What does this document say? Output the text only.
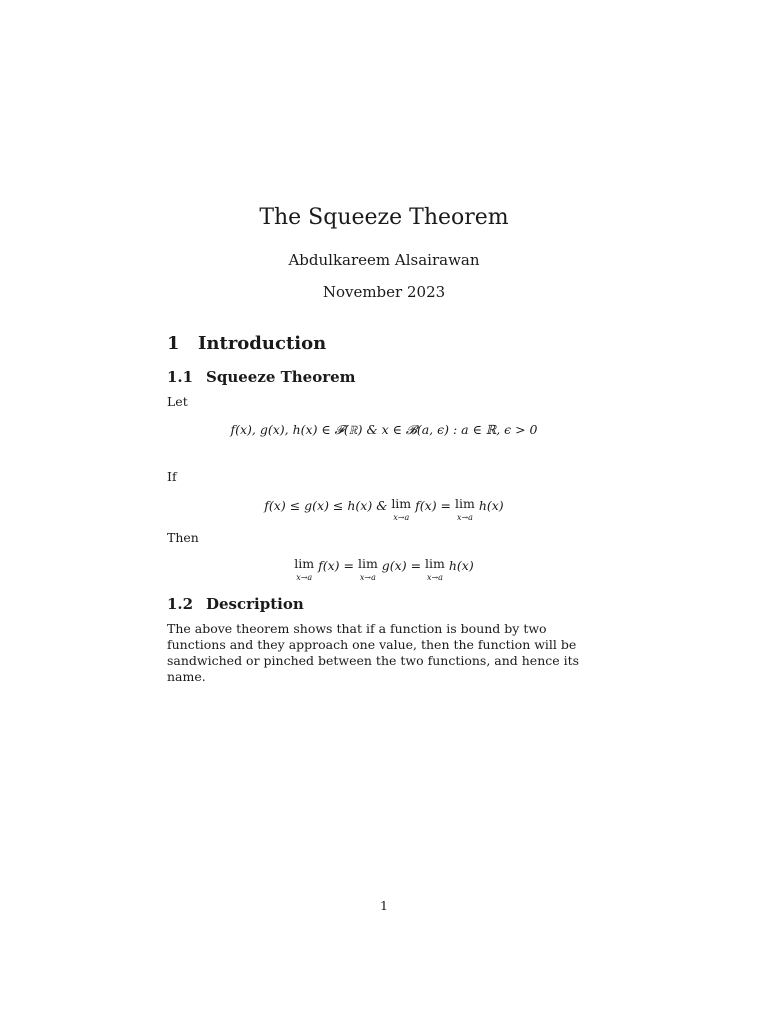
The Squeeze Theorem
Abdulkareem Alsairawan
November 2023
1 Introduction
1.1 Squeeze Theorem
Let
f(x), g(x), h(x) ∈ 𝓕(ℝ) & x ∈ 𝓑(a, ϵ) : a ∈ ℝ, ϵ > 0
If
f(x) ≤ g(x) ≤ h(x) & lim
x→a
f(x) = lim
x→a
h(x)
Then
lim
x→a
f(x) = lim
x→a
g(x) = lim
x→a
h(x)
1.2 Description
The above theorem shows that if a function is bound by two functions and they approach one value, then the function will be sandwiched or pinched between the two functions, and hence its name.
1
